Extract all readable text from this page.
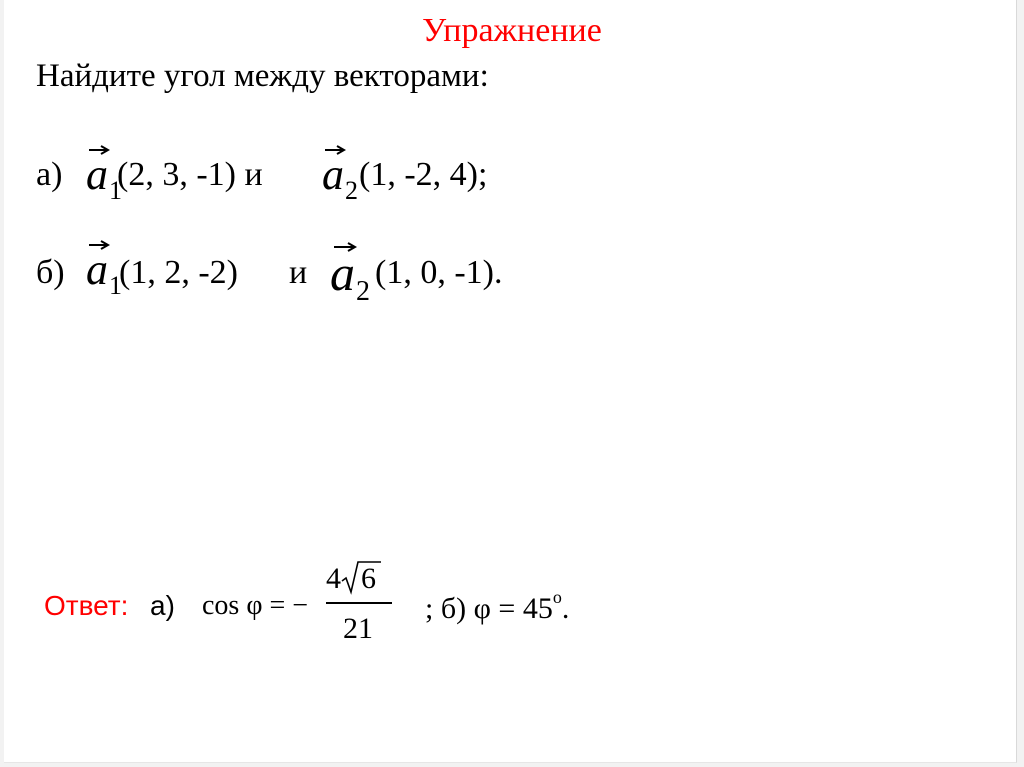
Упражнение
Найдите угол между векторами:
а) $a_1$
(2, 3, -1) и $a_2$ (1, -2, 4);
б) $a_1$
(1, 2, -2) и $a_2$
(1, 0, -1).
Ответ: а) cos φ = −
4 6
21
; б) $\varphi = 45^o$.
